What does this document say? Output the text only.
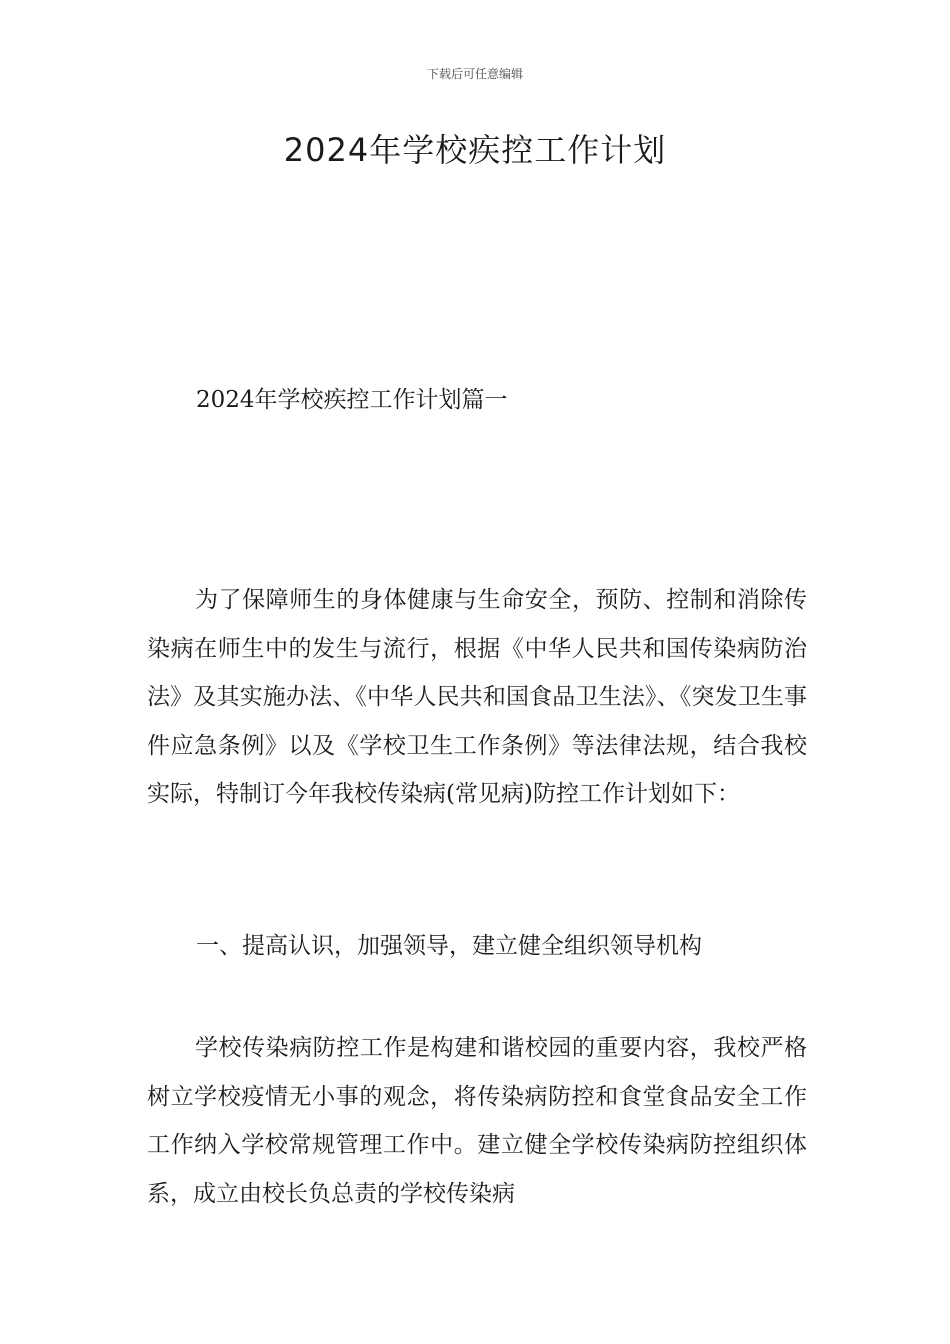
下载后可任意编辑
2024年学校疾控工作计划
2024年学校疾控工作计划篇一

为了保障师生的身体健康与生命安全，预防、控制和消除传染病在师生中的发生与流行，根据《中华人民共和国传染病防治法》及其实施办法、《中华人民共和国食品卫生法》、《突发卫生事件应急条例》以及《学校卫生工作条例》等法律法规，结合我校实际，特制订今年我校传染病(常见病)防控工作计划如下：

一、提高认识，加强领导，建立健全组织领导机构

学校传染病防控工作是构建和谐校园的重要内容，我校严格树立学校疫情无小事的观念，将传染病防控和食堂食品安全工作工作纳入学校常规管理工作中。建立健全学校传染病防控组织体系，成立由校长负总责的学校传染病
